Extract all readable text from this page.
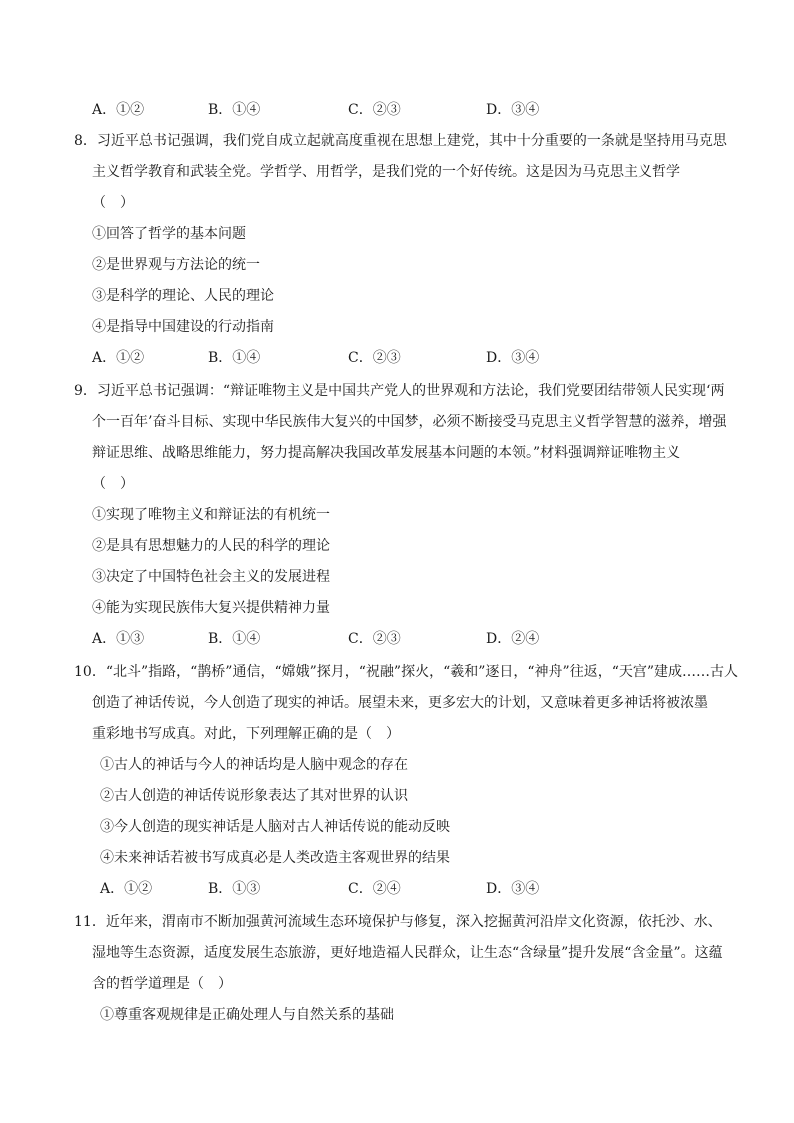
A．①②	B．①④	C．②③	D．③④
8．习近平总书记强调，我们党自成立起就高度重视在思想上建党，其中十分重要的一条就是坚持用马克思
主义哲学教育和武装全党。学哲学、用哲学，是我们党的一个好传统。这是因为马克思主义哲学
（　）
①回答了哲学的基本问题
②是世界观与方法论的统一
③是科学的理论、人民的理论
④是指导中国建设的行动指南
A．①②	B．①④	C．②③	D．③④
9．习近平总书记强调：“辩证唯物主义是中国共产党人的世界观和方法论，我们党要团结带领人民实现‘两
个一百年’奋斗目标、实现中华民族伟大复兴的中国梦，必须不断接受马克思主义哲学智慧的滋养，增强
辩证思维、战略思维能力，努力提高解决我国改革发展基本问题的本领。”材料强调辩证唯物主义
（　）
①实现了唯物主义和辩证法的有机统一
②是具有思想魅力的人民的科学的理论
③决定了中国特色社会主义的发展进程
④能为实现民族伟大复兴提供精神力量
A．①③	B．①④	C．②③	D．②④
10．“北斗”指路，“鹊桥”通信，“嫦娥”探月，“祝融”探火，“羲和”逐日，“神舟”往返，“天宫”建成……古人
创造了神话传说，今人创造了现实的神话。展望未来，更多宏大的计划，又意味着更多神话将被浓墨
重彩地书写成真。对此，下列理解正确的是（　）
①古人的神话与今人的神话均是人脑中观念的存在
②古人创造的神话传说形象表达了其对世界的认识
③今人创造的现实神话是人脑对古人神话传说的能动反映
④未来神话若被书写成真必是人类改造主客观世界的结果
A．①②	B．①③	C．②④	D．③④
11．近年来，渭南市不断加强黄河流域生态环境保护与修复，深入挖掘黄河沿岸文化资源，依托沙、水、
湿地等生态资源，适度发展生态旅游，更好地造福人民群众，让生态“含绿量”提升发展“含金量”。这蕴
含的哲学道理是（　）
①尊重客观规律是正确处理人与自然关系的基础
